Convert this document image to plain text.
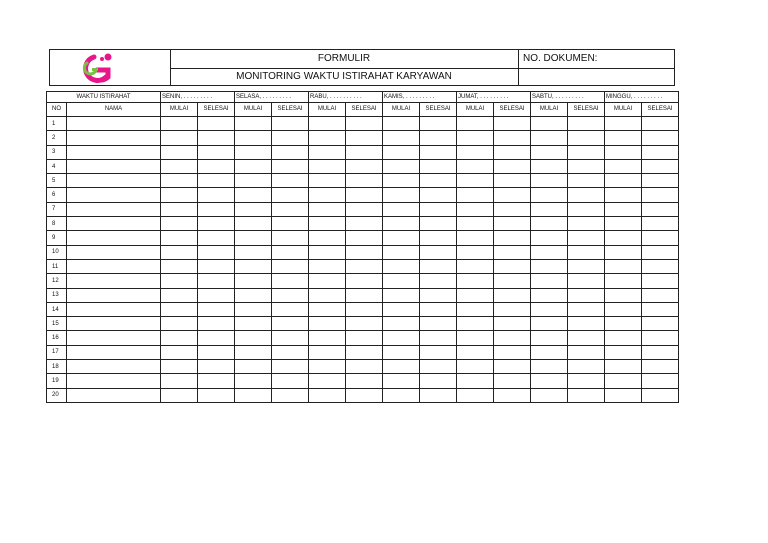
FORMULIR
MONITORING WAKTU ISTIRAHAT KARYAWAN
NO. DOKUMEN:
WAKTU ISTIRAHAT		SENIN, . . . . . . . . .		SELASA, . . . . . . . . .		RABU, . . . . . . . . . .		KAMIS, . . . . . . . . .		JUMAT, . . . . . . . . .		SABTU, . . . . . . . . .		MINGGU, . . . . . . . . .	
NO	NAMA	MULAI	SELESAI	MULAI	SELESAI	MULAI	SELESAI	MULAI	SELESAI	MULAI	SELESAI	MULAI	SELESAI	MULAI	SELESAI
1															
2															
3															
4															
5															
6															
7															
8															
9															
10															
11															
12															
13															
14															
15															
16															
17															
18															
19															
20															
